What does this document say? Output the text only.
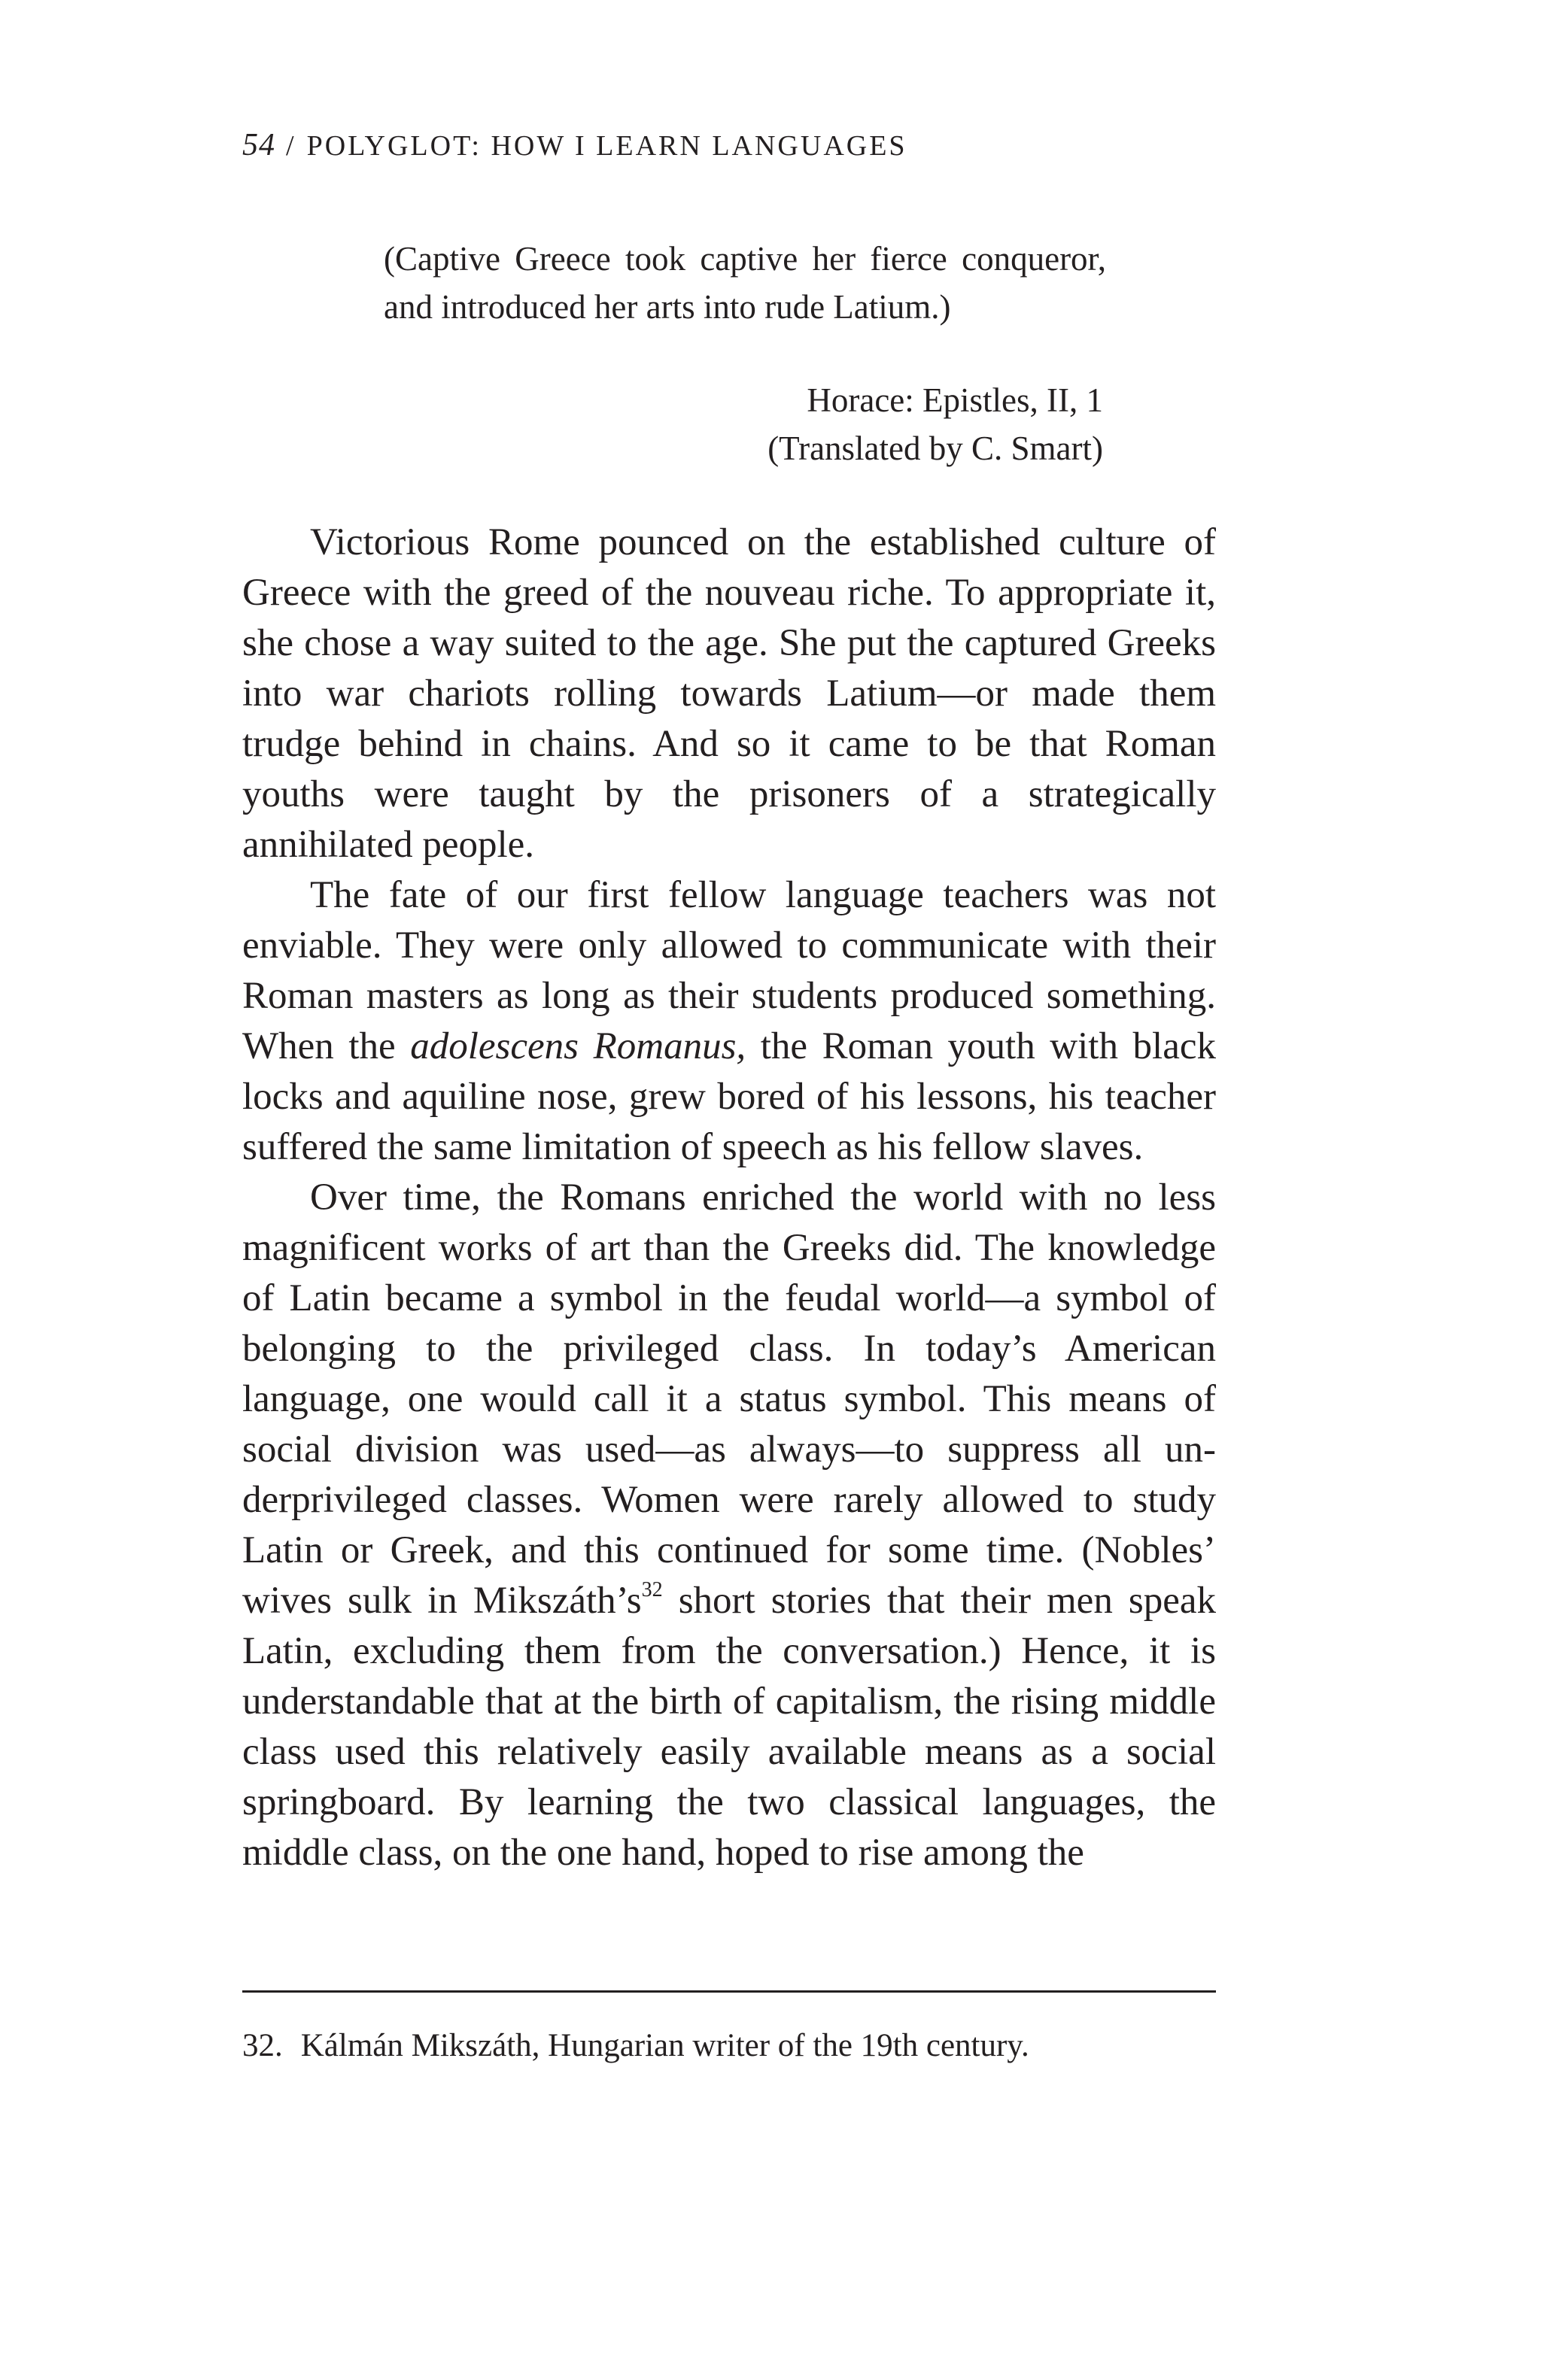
54 / POLYGLOT: HOW I LEARN LANGUAGES
(Captive Greece took captive her fierce conqueror, and introduced her arts into rude Latium.)
Horace: Epistles, II, 1
(Translated by C. Smart)

Victorious Rome pounced on the established culture of Greece with the greed of the nouveau riche. To appropriate it, she chose a way suited to the age. She put the captured Greeks into war chariots rolling towards Latium—or made them trudge behind in chains. And so it came to be that Roman youths were taught by the prisoners of a strategically annihilated people.

The fate of our first fellow language teachers was not enviable. They were only allowed to communicate with their Roman masters as long as their students produced something. When the adolescens Romanus, the Roman youth with black locks and aquiline nose, grew bored of his lessons, his teacher suffered the same limitation of speech as his fellow slaves.

Over time, the Romans enriched the world with no less magnificent works of art than the Greeks did. The knowledge of Latin became a symbol in the feudal world—a symbol of belonging to the privileged class. In today’s American language, one would call it a status symbol. This means of social division was used—as always—to suppress all underprivileged classes. Women were rarely allowed to study Latin or Greek, and this continued for some time. (Nobles’ wives sulk in $Mikszáth’s^{32}$ short stories that their men speak Latin, excluding them from the conversation.) Hence, it is understandable that at the birth of capitalism, the rising middle class used this relatively easily available means as a social springboard. By learning the two classical languages, the middle class, on the one hand, hoped to rise among the

32. Kálmán Mikszáth, Hungarian writer of the 19th century.
